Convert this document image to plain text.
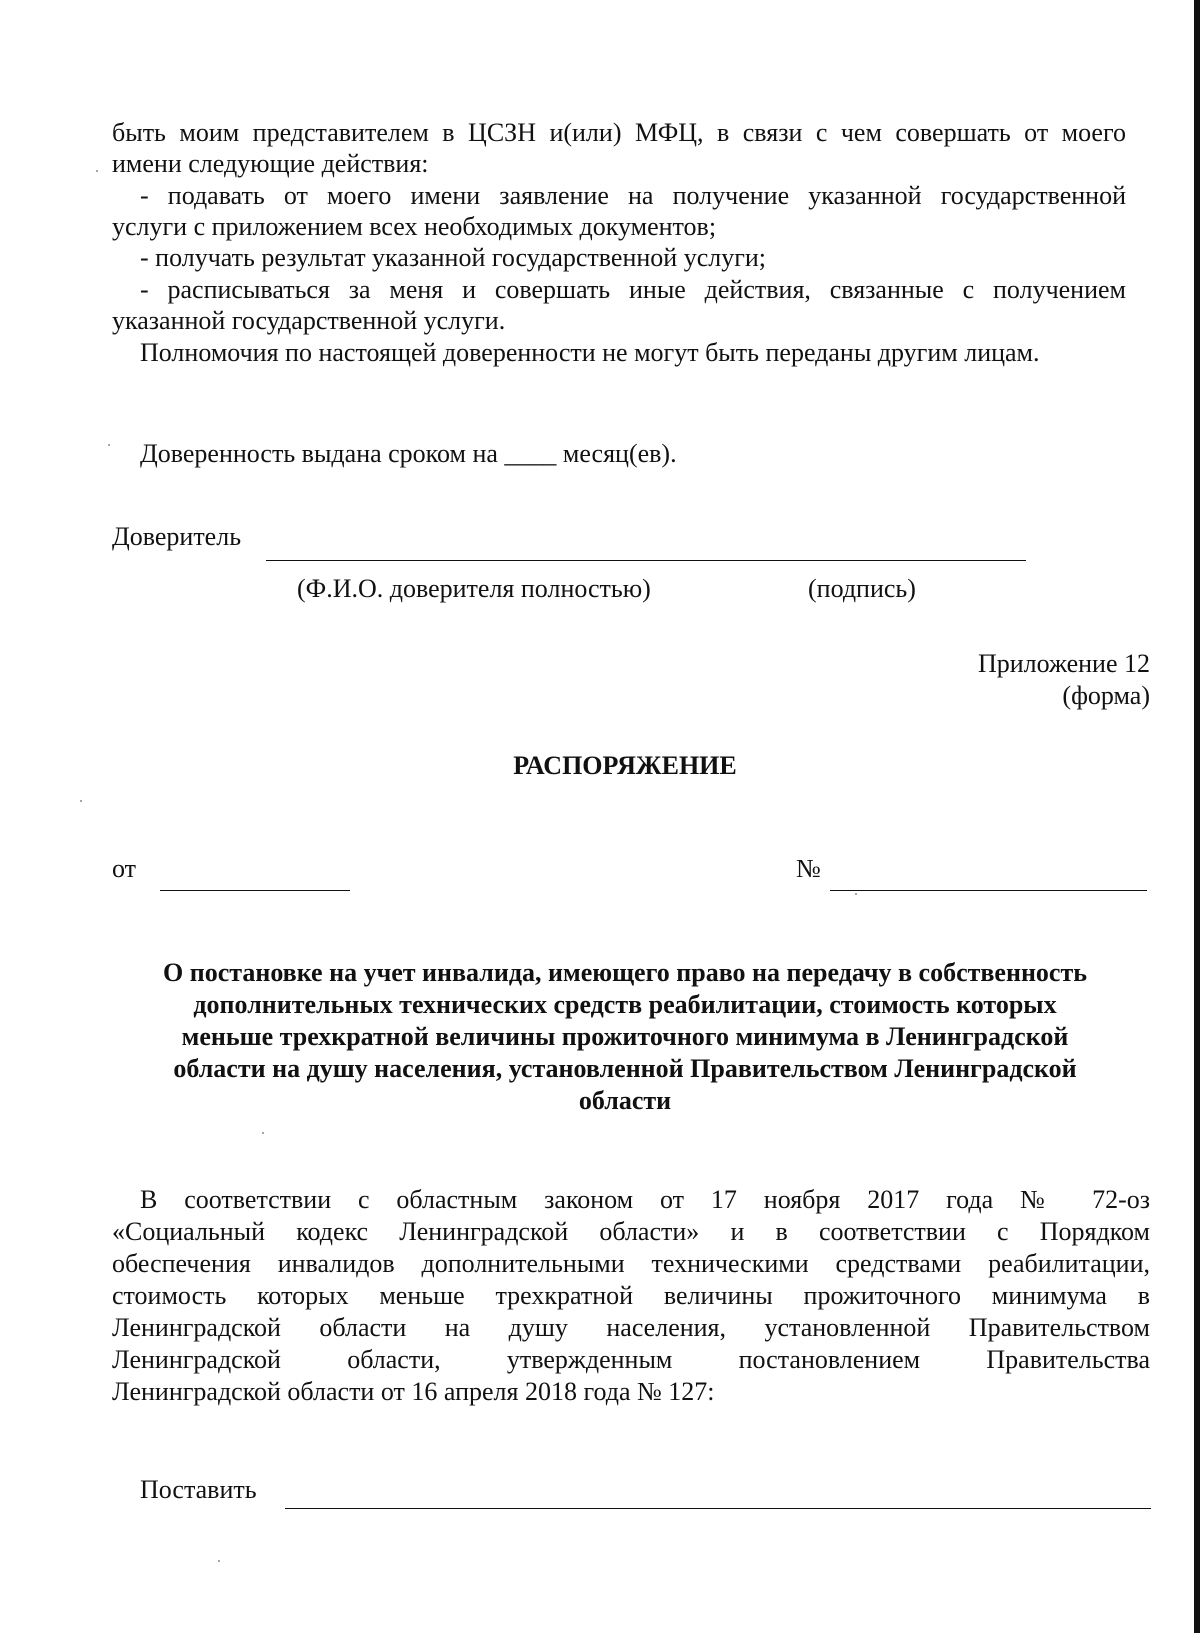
быть моим представителем в ЦСЗН и(или) МФЦ, в связи с чем совершать от моего
имени следующие действия:
- подавать от моего имени заявление на получение указанной государственной
услуги с приложением всех необходимых документов;
- получать результат указанной государственной услуги;
- расписываться за меня и совершать иные действия, связанные с получением
указанной государственной услуги.
Полномочия по настоящей доверенности не могут быть переданы другим лицам.
Доверенность выдана сроком на ____ месяц(ев).
Доверитель
(Ф.И.О. доверителя полностью)	(подпись)
Приложение 12
(форма)
РАСПОРЯЖЕНИЕ
от	№
О постановке на учет инвалида, имеющего право на передачу в собственность
дополнительных технических средств реабилитации, стоимость которых
меньше трехкратной величины прожиточного минимума в Ленинградской
области на душу населения, установленной Правительством Ленинградской
области
В соответствии с областным законом от 17 ноября 2017 года № 72-оз
«Социальный кодекс Ленинградской области» и в соответствии с Порядком
обеспечения инвалидов дополнительными техническими средствами реабилитации,
стоимость которых меньше трехкратной величины прожиточного минимума в
Ленинградской области на душу населения, установленной Правительством
Ленинградской области, утвержденным постановлением Правительства
Ленинградской области от 16 апреля 2018 года № 127:
Поставить
